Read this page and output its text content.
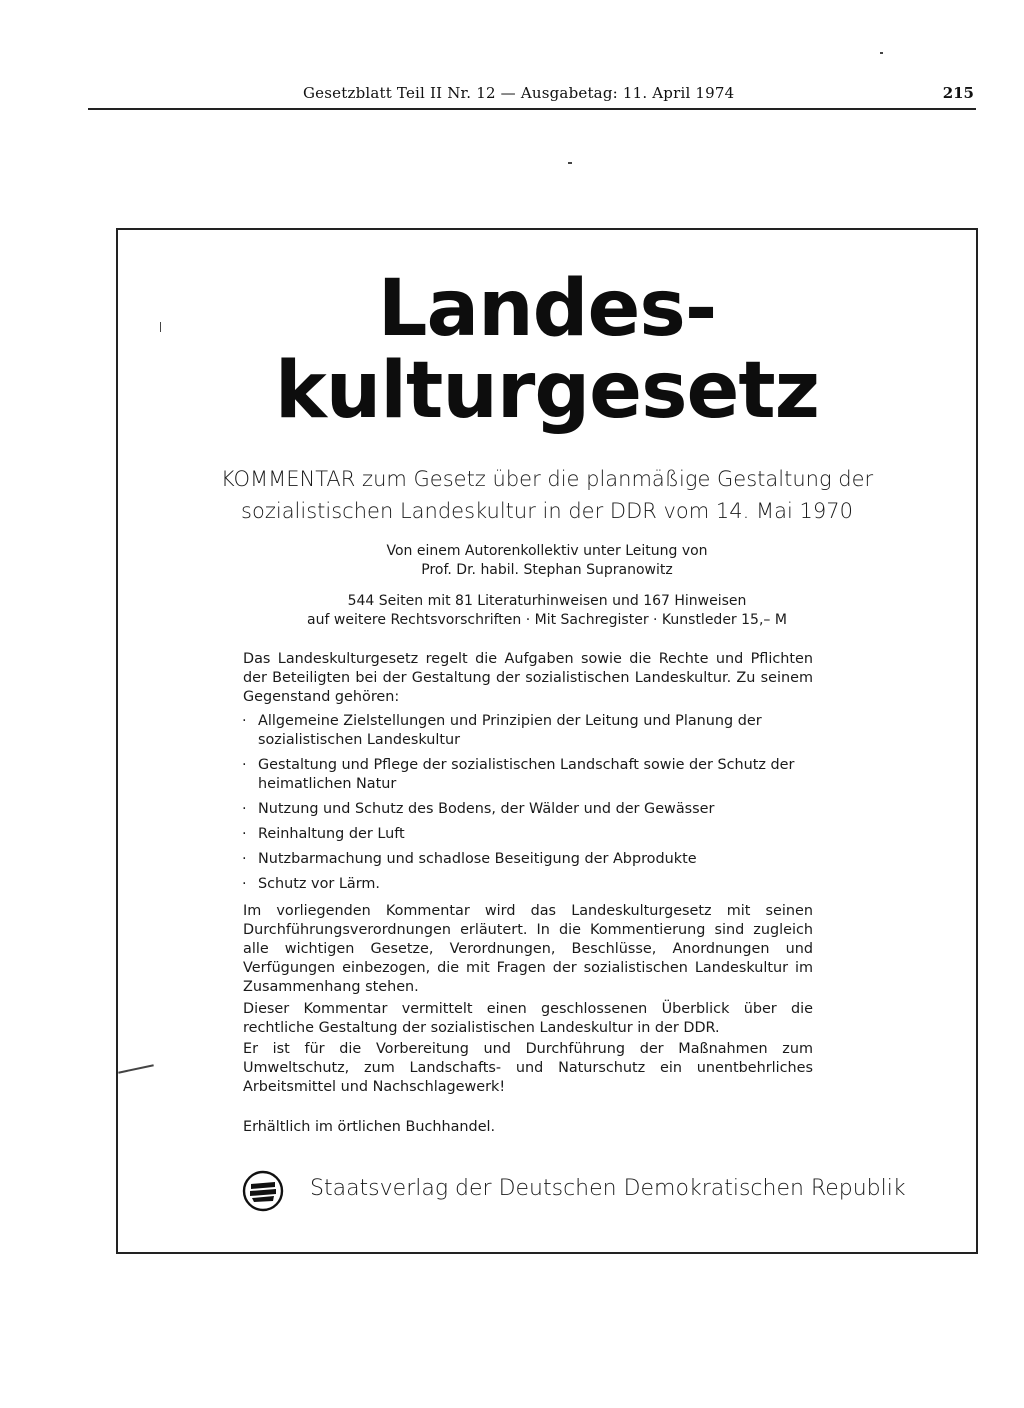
Gesetzblatt Teil II Nr. 12 — Ausgabetag: 11. April 1974	215
Landes-
kulturgesetz
KOMMENTAR zum Gesetz über die planmäßige Gestaltung der
sozialistischen Landeskultur in der DDR vom 14. Mai 1970
Von einem Autorenkollektiv unter Leitung von
Prof. Dr. habil. Stephan Supranowitz
544 Seiten mit 81 Literaturhinweisen und 167 Hinweisen
auf weitere Rechtsvorschriften · Mit Sachregister · Kunstleder 15,– M
Das Landeskulturgesetz regelt die Aufgaben sowie die Rechte und Pflichten der Beteiligten bei der Gestaltung der sozialistischen Landeskultur. Zu seinem Gegenstand gehören:
· Allgemeine Zielstellungen und Prinzipien der Leitung und Planung der sozialistischen Landeskultur
· Gestaltung und Pflege der sozialistischen Landschaft sowie der Schutz der heimatlichen Natur
· Nutzung und Schutz des Bodens, der Wälder und der Gewässer
· Reinhaltung der Luft
· Nutzbarmachung und schadlose Beseitigung der Abprodukte
· Schutz vor Lärm.
Im vorliegenden Kommentar wird das Landeskulturgesetz mit seinen Durchführungsverordnungen erläutert. In die Kommentierung sind zugleich alle wichtigen Gesetze, Verordnungen, Beschlüsse, Anordnungen und Verfügungen einbezogen, die mit Fragen der sozialistischen Landeskultur im Zusammenhang stehen.
Dieser Kommentar vermittelt einen geschlossenen Überblick über die rechtliche Gestaltung der sozialistischen Landeskultur in der DDR.
Er ist für die Vorbereitung und Durchführung der Maßnahmen zum Umweltschutz, zum Landschafts- und Naturschutz ein unentbehrliches Arbeitsmittel und Nachschlagewerk!
Erhältlich im örtlichen Buchhandel.
Staatsverlag der Deutschen Demokratischen Republik
